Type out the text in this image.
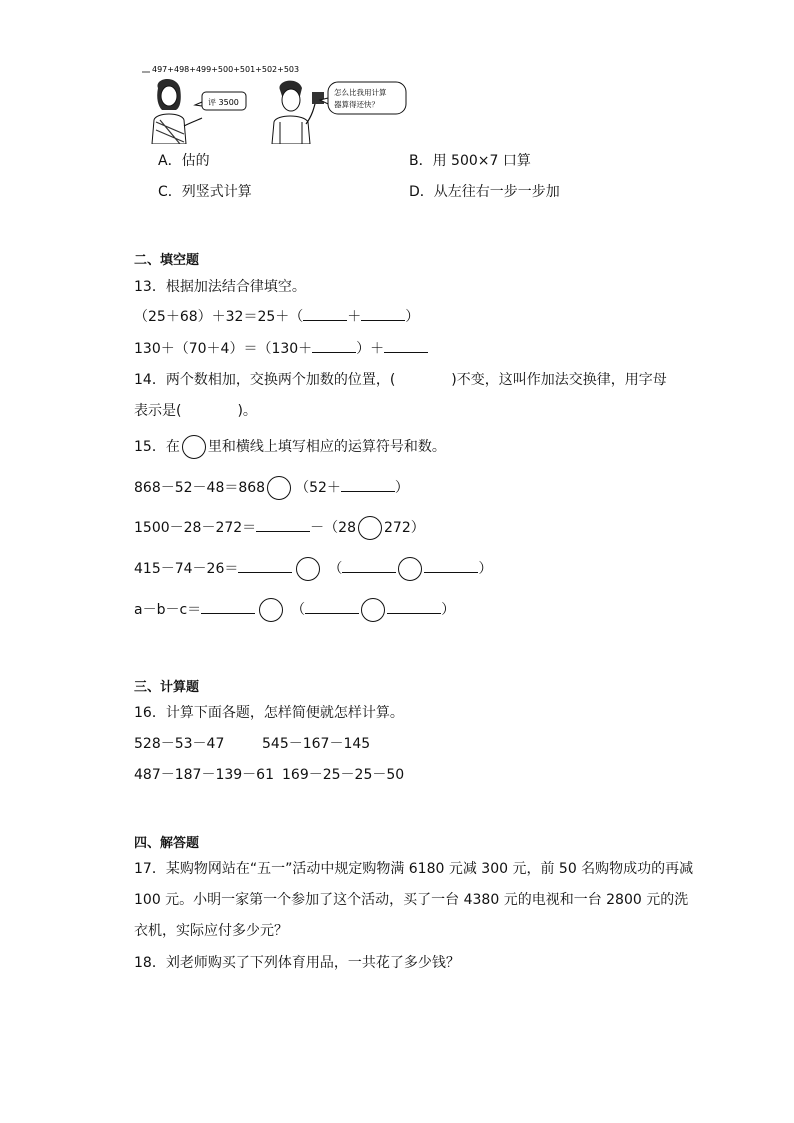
497+498+499+500+501+502+503
评 3500
怎么比我用计算
器算得还快？
A．估的	B．用 500×7 口算
C．列竖式计算	D．从左往右一步一步加
二、填空题
13．根据加法结合律填空。
（25＋68）＋32＝25＋（	＋	）
130＋（70＋4）＝（130＋	）＋
14．两个数相加，交换两个加数的位置，(	)不变，这叫作加法交换律，用字母
表示是(	)。
15．在 里和横线上填写相应的运算符号和数。
868－52－48＝868 （52＋	）
1500－28－272＝	－（28 272）
415－74－26＝	（	）
a－b－c＝	（	）
三、计算题
16．计算下面各题，怎样简便就怎样计算。
528－53－47	545－167－145
487－187－139－61 169－25－25－50
四、解答题
17．某购物网站在“五一”活动中规定购物满 6180 元减 300 元，前 50 名购物成功的再减
100 元。小明一家第一个参加了这个活动，买了一台 4380 元的电视和一台 2800 元的洗
衣机，实际应付多少元？
18．刘老师购买了下列体育用品，一共花了多少钱？
